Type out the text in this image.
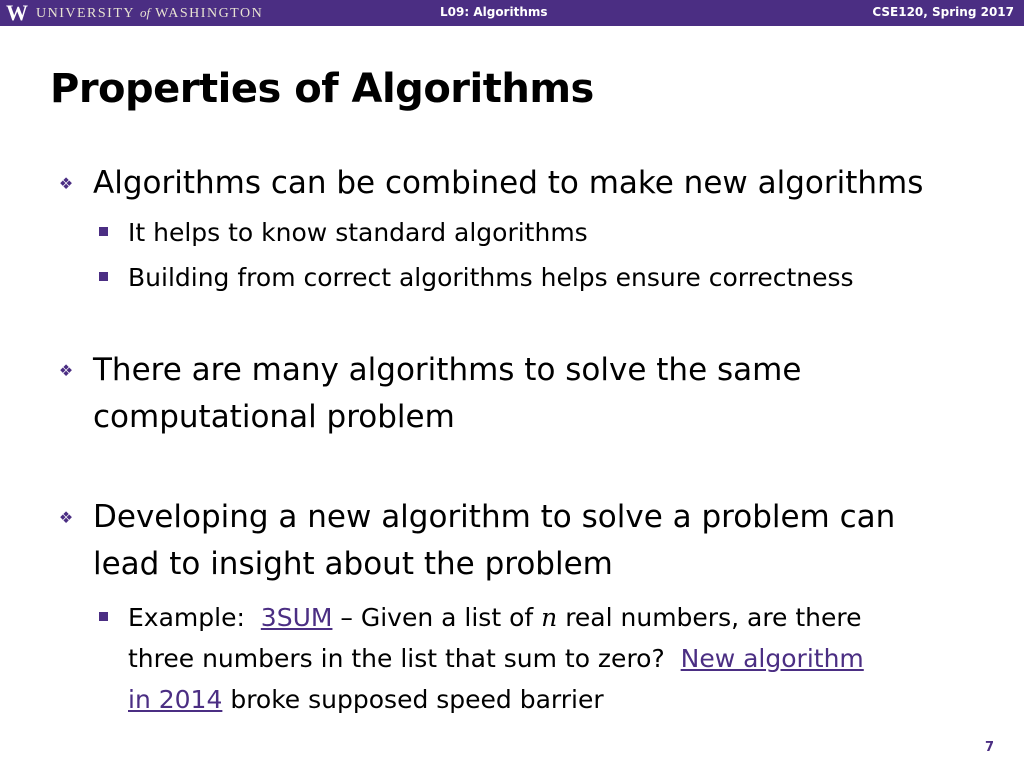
W UNIVERSITY of WASHINGTON	L09: Algorithms	CSE120, Spring 2017
Properties of Algorithms
❖ Algorithms can be combined to make new algorithms
It helps to know standard algorithms
Building from correct algorithms helps ensure correctness
❖ There are many algorithms to solve the same
computational problem
❖ Developing a new algorithm to solve a problem can
lead to insight about the problem
Example: 3SUM – Given a list of n real numbers, are there
three numbers in the list that sum to zero? New algorithm
in 2014 broke supposed speed barrier
7
